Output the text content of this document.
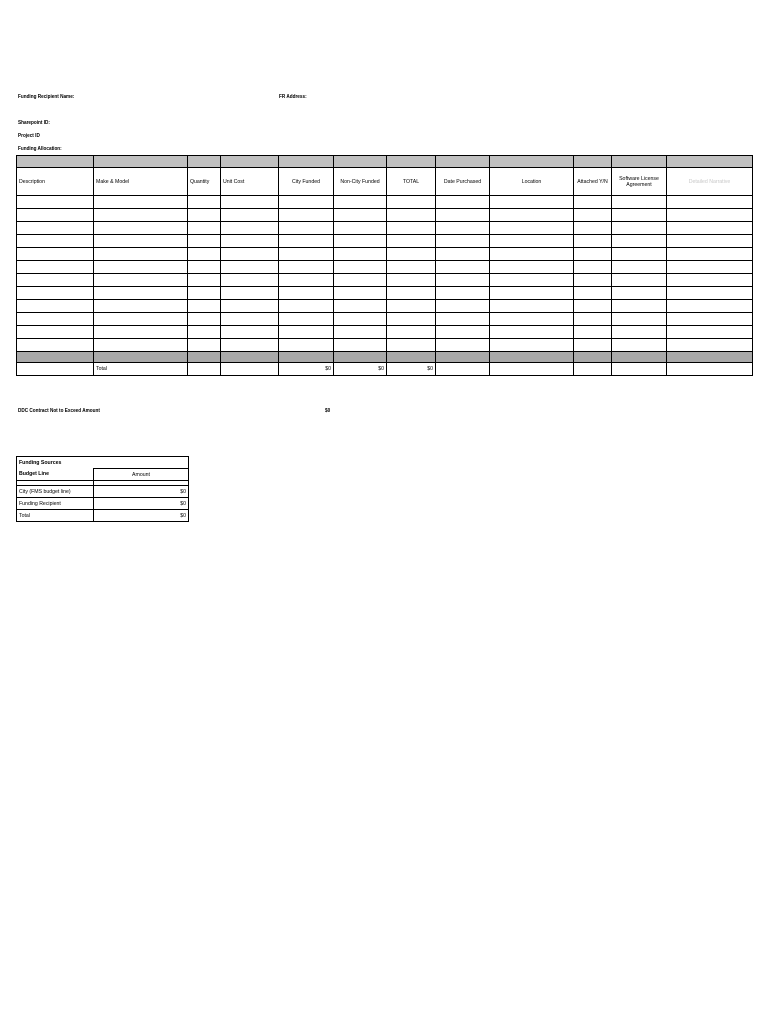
Funding Recipient Name:	FR Address:
Sharepoint ID:
Project ID
Funding Allocation:

Description	Make & Model	Quantity	Unit Cost	City Funded	Non-City Funded	TOTAL	Date Purchased	Location	Attached Y/N	Software License Agreement	Detailed Narrative

	Total			$0	$0	$0					
DDC Contract Not to Exceed Amount	$0
Funding Sources	
Budget Line	Amount

City (FMS budget line)	$0
Funding Recipient	$0
Total	$0
